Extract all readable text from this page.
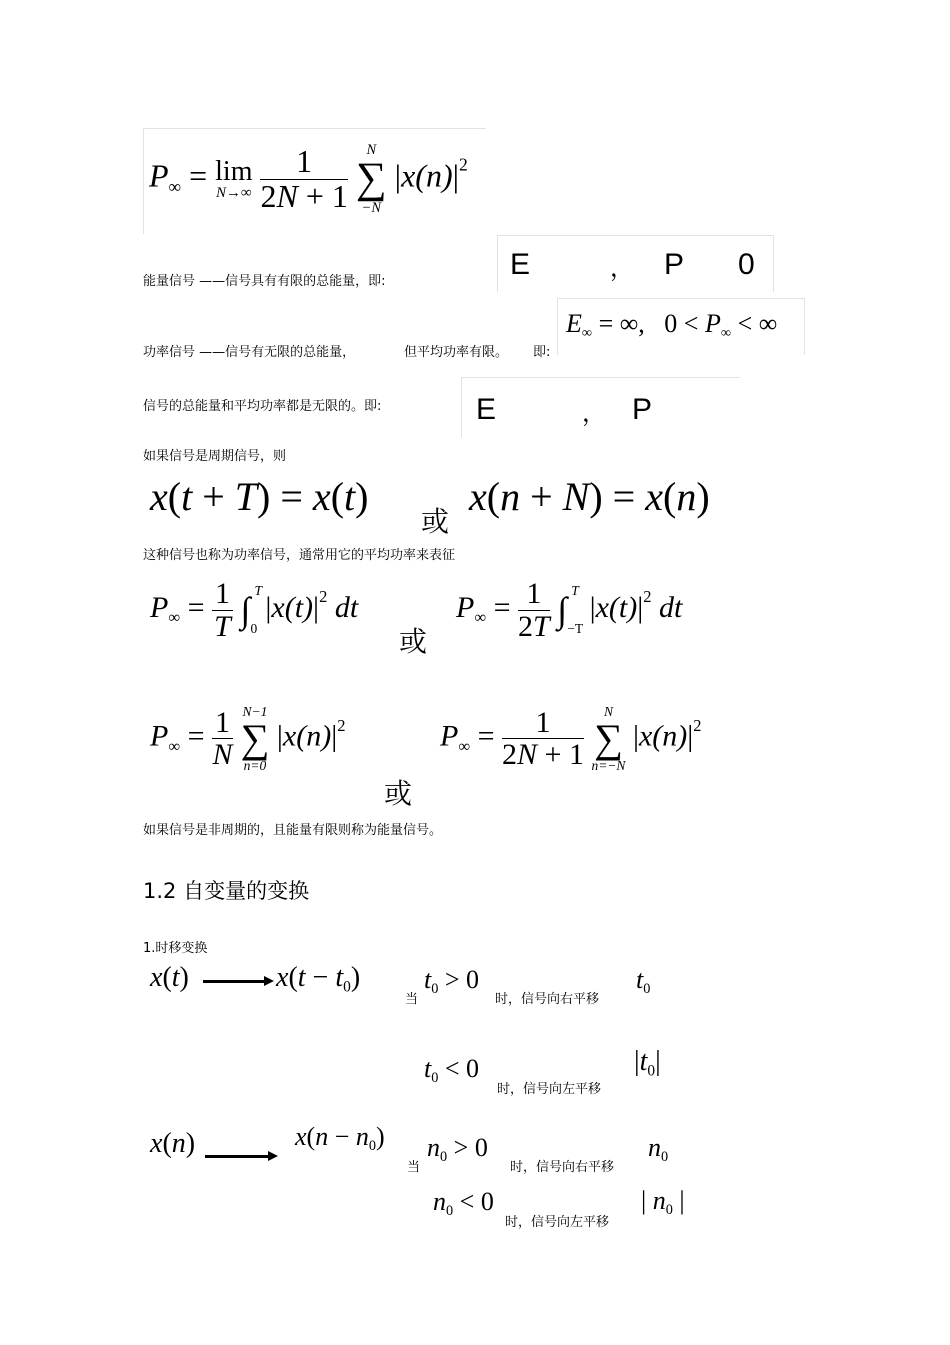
$P_\infty = \lim$
N→∞
$\frac{1}{2N + 1}$
	N
∑
−N
$|x(n)|^2$
能量信号 ——信号具有有限的总能量，即:
E	， P 0
功率信号 ——信号有无限的总能量，	但平均功率有限。 即:
$E_\infty$ = ∞,   $0 < P_\infty$ < ∞
信号的总能量和平均功率都是无限的。即:	E	， P
如果信号是周期信号，则
x(t + T) = x(t)
或
x(n + N) = x(n)
这种信号也称为功率信号，通常用它的平均功率来表征
$P_\infty = \frac{1}{T}$ ∫ T
0
$|x(t)|^2$ dt
或
$P_\infty = \frac{1}{2T}$ ∫ T
−T
$|x(t)|^2$ dt
$P_\infty = \frac{1}{N}$
N−1
∑
n=0
$|x(n)|^2$
或
$P_\infty = \frac{1}{2N + 1}$
	N
∑
n=−N
$|x(n)|^2$
如果信号是非周期的，且能量有限则称为能量信号。
1.2 自变量的变换
1.时移变换
x(t)	$x(t - t_0)$
当
$t_0 > 0$
时，信号向右平移
$t_0$
$t_0 < 0$
时，信号向左平移
$|t_0|$
x(n)	$x(n - n_0)$
当
$n_0 > 0$
时，信号向右平移
$n_0$
$n_0 < 0$
时，信号向左平移
| $n_0$ |
